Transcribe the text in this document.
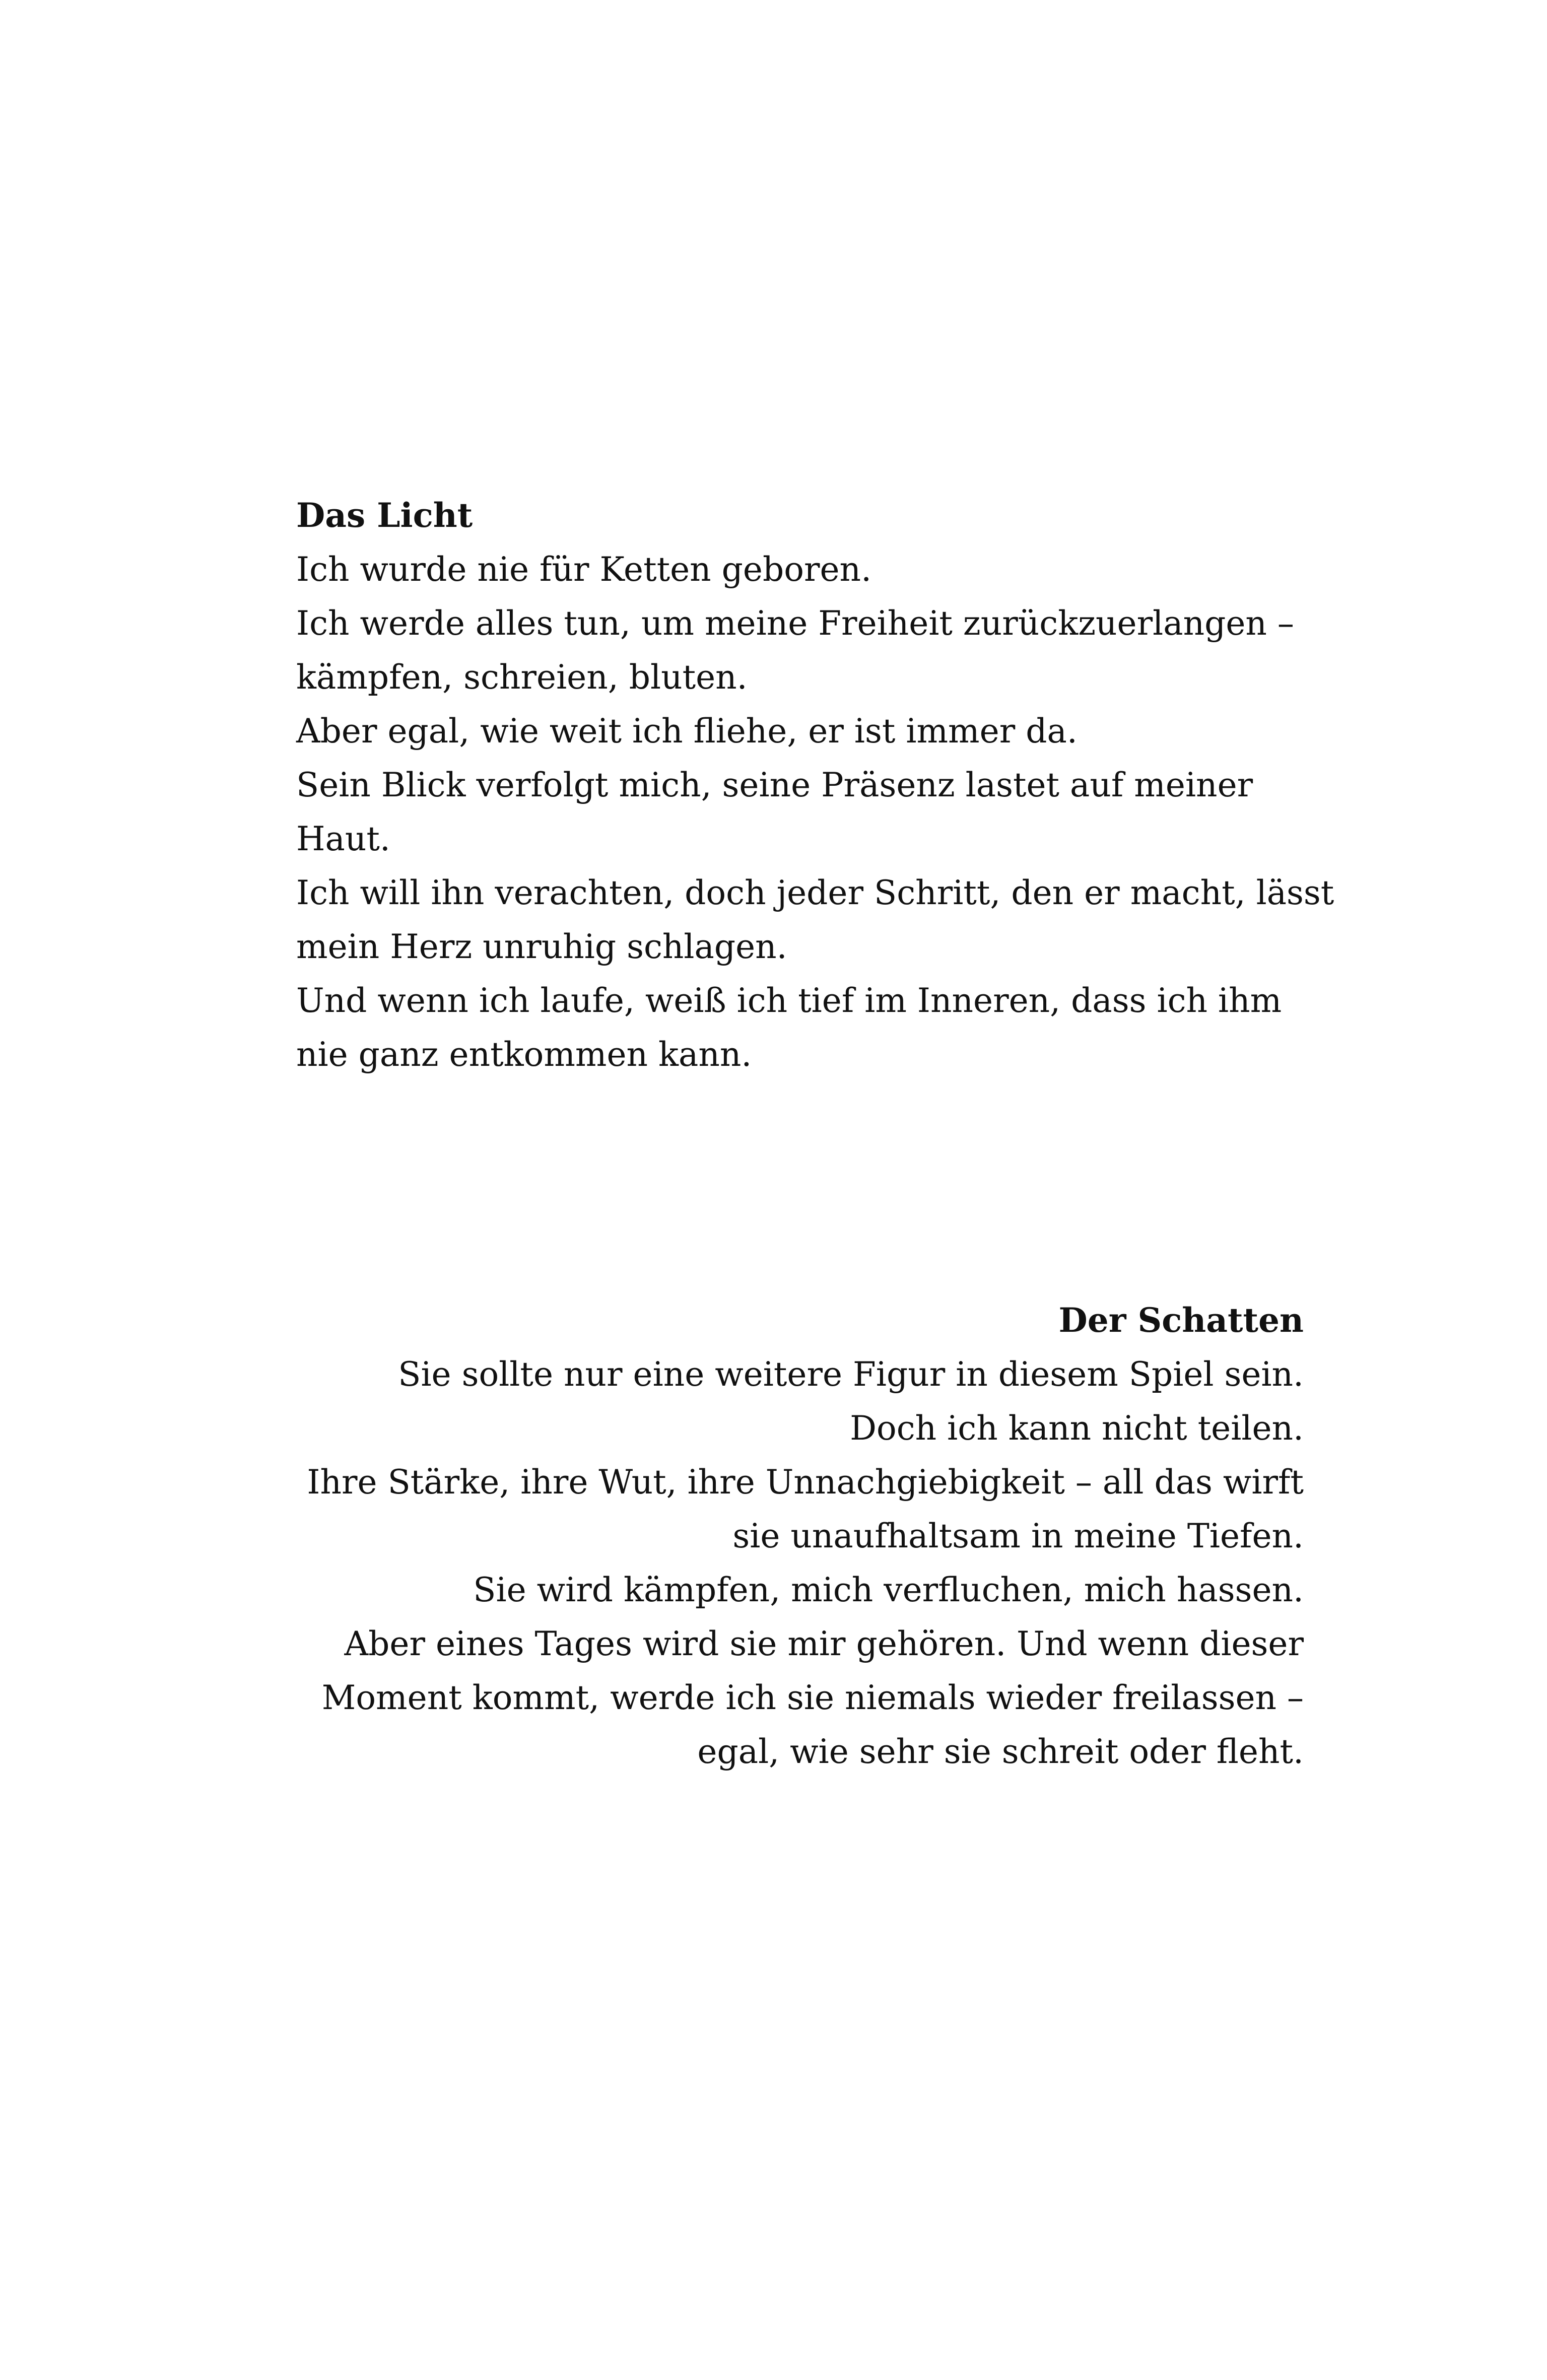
Das Licht
Ich wurde nie für Ketten geboren.
Ich werde alles tun, um meine Freiheit zurückzuerlangen –
kämpfen, schreien, bluten.
Aber egal, wie weit ich fliehe, er ist immer da.
Sein Blick verfolgt mich, seine Präsenz lastet auf meiner
Haut.
Ich will ihn verachten, doch jeder Schritt, den er macht, lässt
mein Herz unruhig schlagen.
Und wenn ich laufe, weiß ich tief im Inneren, dass ich ihm
nie ganz entkommen kann.
Der Schatten
Sie sollte nur eine weitere Figur in diesem Spiel sein.
Doch ich kann nicht teilen.
Ihre Stärke, ihre Wut, ihre Unnachgiebigkeit – all das wirft
sie unaufhaltsam in meine Tiefen.
Sie wird kämpfen, mich verfluchen, mich hassen.
Aber eines Tages wird sie mir gehören. Und wenn dieser
Moment kommt, werde ich sie niemals wieder freilassen –
egal, wie sehr sie schreit oder fleht.
